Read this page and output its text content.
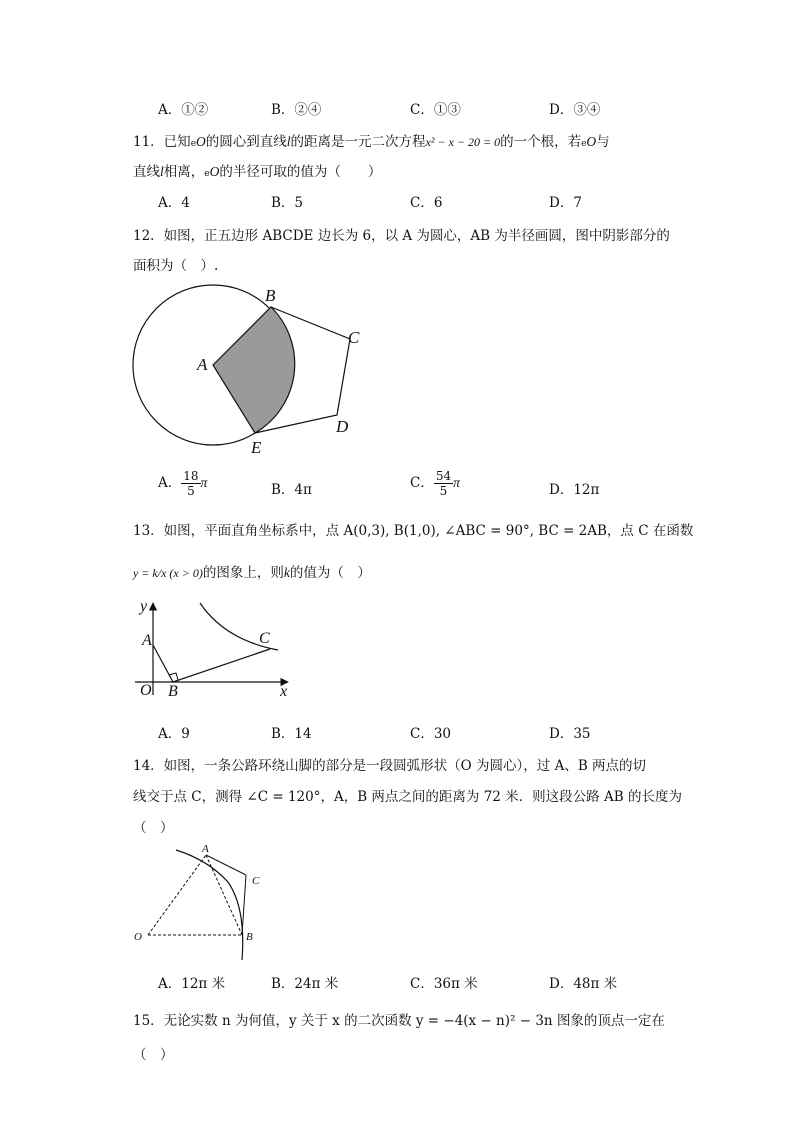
A．①②	B．②④	C．①③	D．③④
11．已知eO的圆心到直线l的距离是一元二次方程x² − x − 20 = 0的一个根，若eO与
直线l相离，eO的半径可取的值为（　　）
A．4	B．5	C．6	D．7
12．如图，正五边形 ABCDE 边长为 6，以 A 为圆心，AB 为半径画圆，图中阴影部分的
面积为（　）.
A
B
C
D
E
A． $\frac{18}{5}$ π	B．4π	C． $\frac{54}{5}$ π	D．12π
13．如图，平面直角坐标系中，点 A(0,3), B(1,0), ∠ABC = 90°, BC = 2AB，点 C 在函数
y = k/x (x > 0)的图象上，则k的值为（　）
y
A	C
O B	x
A．9	B．14	C．30	D．35
14．如图，一条公路环绕山脚的部分是一段圆弧形状（O 为圆心），过 A、B 两点的切
线交于点 C，测得 ∠C = 120°，A，B 两点之间的距离为 72 米．则这段公路 AB 的长度为
（　）
A
C
O	B
A．12π 米	B．24π 米	C．36π 米	D．48π 米
15．无论实数 n 为何值，y 关于 x 的二次函数 y = −4(x − n)² − 3n 图象的顶点一定在
（　）
